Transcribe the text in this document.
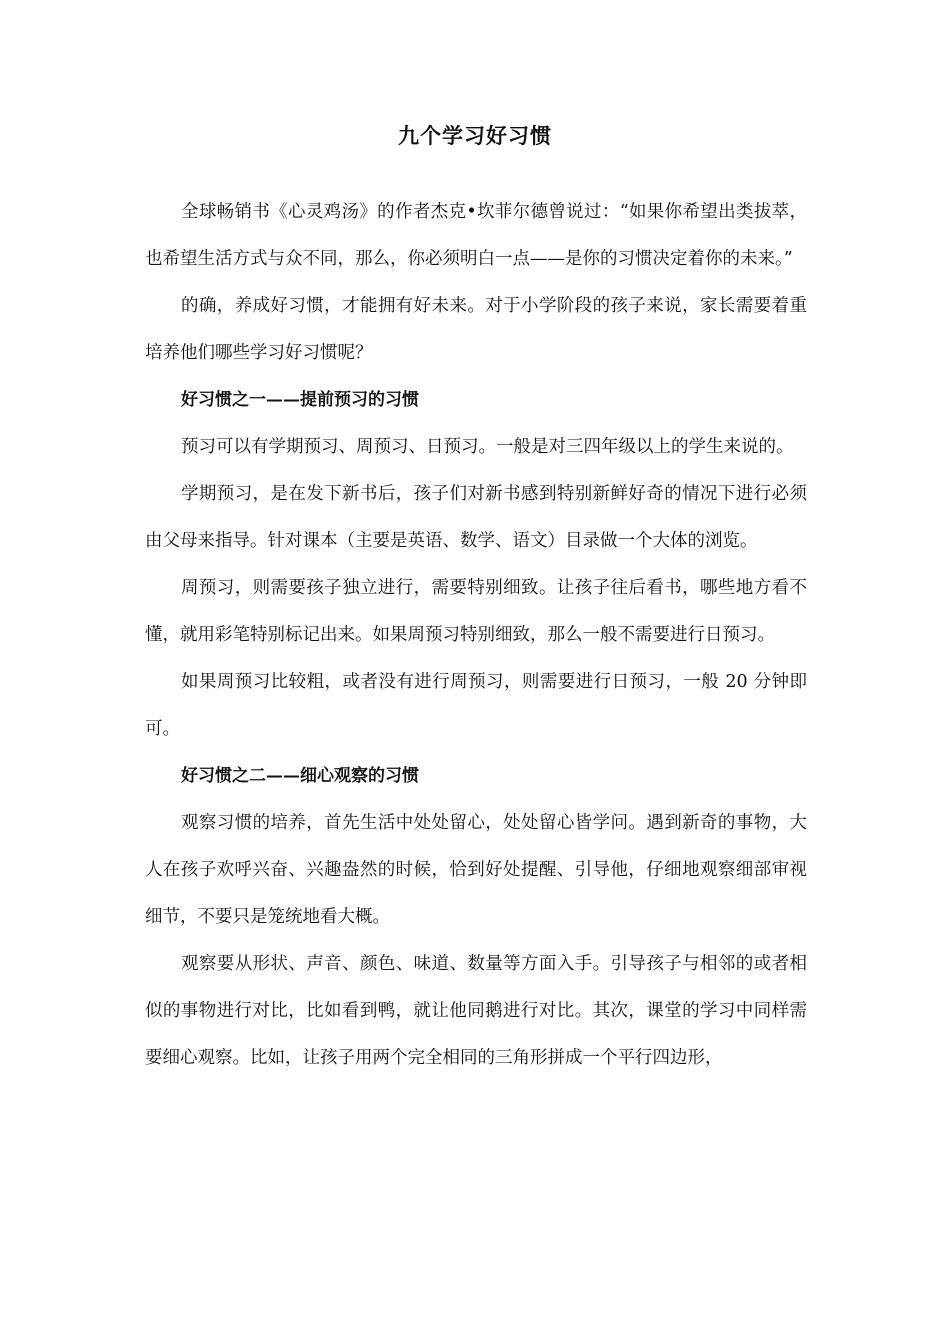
九个学习好习惯

全球畅销书《心灵鸡汤》的作者杰克•坎菲尔德曾说过：“如果你希望出类拔萃，也希望生活方式与众不同，那么，你必须明白一点——是你的习惯决定着你的未来。”

的确，养成好习惯，才能拥有好未来。对于小学阶段的孩子来说，家长需要着重培养他们哪些学习好习惯呢？

好习惯之一——提前预习的习惯

预习可以有学期预习、周预习、日预习。一般是对三四年级以上的学生来说的。

学期预习，是在发下新书后，孩子们对新书感到特别新鲜好奇的情况下进行必须由父母来指导。针对课本（主要是英语、数学、语文）目录做一个大体的浏览。

周预习，则需要孩子独立进行，需要特别细致。让孩子往后看书，哪些地方看不懂，就用彩笔特别标记出来。如果周预习特别细致，那么一般不需要进行日预习。

如果周预习比较粗，或者没有进行周预习，则需要进行日预习，一般 20 分钟即可。

好习惯之二——细心观察的习惯

观察习惯的培养，首先生活中处处留心，处处留心皆学问。遇到新奇的事物，大人在孩子欢呼兴奋、兴趣盎然的时候，恰到好处提醒、引导他，仔细地观察细部审视细节，不要只是笼统地看大概。

观察要从形状、声音、颜色、味道、数量等方面入手。引导孩子与相邻的或者相似的事物进行对比，比如看到鸭，就让他同鹅进行对比。其次，课堂的学习中同样需要细心观察。比如，让孩子用两个完全相同的三角形拼成一个平行四边形，
